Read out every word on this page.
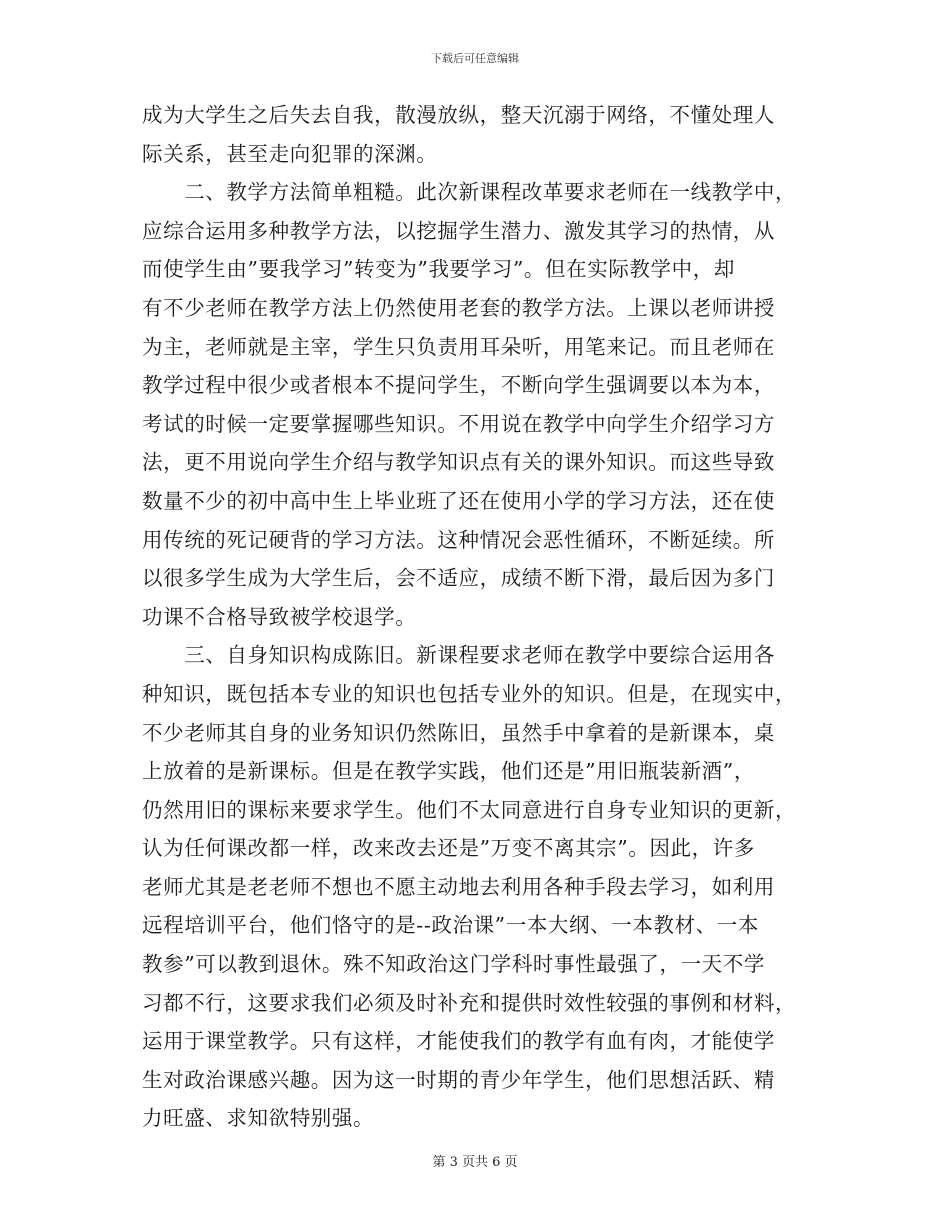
下载后可任意编辑

成为大学生之后失去自我，散漫放纵，整天沉溺于网络，不懂处理人
际关系，甚至走向犯罪的深渊。

　　二、教学方法简单粗糙。此次新课程改革要求老师在一线教学中，
应综合运用多种教学方法，以挖掘学生潜力、激发其学习的热情，从
而使学生由”要我学习”转变为”我要学习”。但在实际教学中，却
有不少老师在教学方法上仍然使用老套的教学方法。上课以老师讲授
为主，老师就是主宰，学生只负责用耳朵听，用笔来记。而且老师在
教学过程中很少或者根本不提问学生，不断向学生强调要以本为本，
考试的时候一定要掌握哪些知识。不用说在教学中向学生介绍学习方
法，更不用说向学生介绍与教学知识点有关的课外知识。而这些导致
数量不少的初中高中生上毕业班了还在使用小学的学习方法，还在使
用传统的死记硬背的学习方法。这种情况会恶性循环，不断延续。所
以很多学生成为大学生后，会不适应，成绩不断下滑，最后因为多门
功课不合格导致被学校退学。

　　三、自身知识构成陈旧。新课程要求老师在教学中要综合运用各
种知识，既包括本专业的知识也包括专业外的知识。但是，在现实中，
不少老师其自身的业务知识仍然陈旧，虽然手中拿着的是新课本，桌
上放着的是新课标。但是在教学实践，他们还是”用旧瓶装新酒”，
仍然用旧的课标来要求学生。他们不太同意进行自身专业知识的更新，
认为任何课改都一样，改来改去还是”万变不离其宗”。因此，许多
老师尤其是老老师不想也不愿主动地去利用各种手段去学习，如利用
远程培训平台，他们恪守的是--政治课”一本大纲、一本教材、一本
教参”可以教到退休。殊不知政治这门学科时事性最强了，一天不学
习都不行，这要求我们必须及时补充和提供时效性较强的事例和材料，
运用于课堂教学。只有这样，才能使我们的教学有血有肉，才能使学
生对政治课感兴趣。因为这一时期的青少年学生，他们思想活跃、精
力旺盛、求知欲特别强。

第 3 页共 6 页
